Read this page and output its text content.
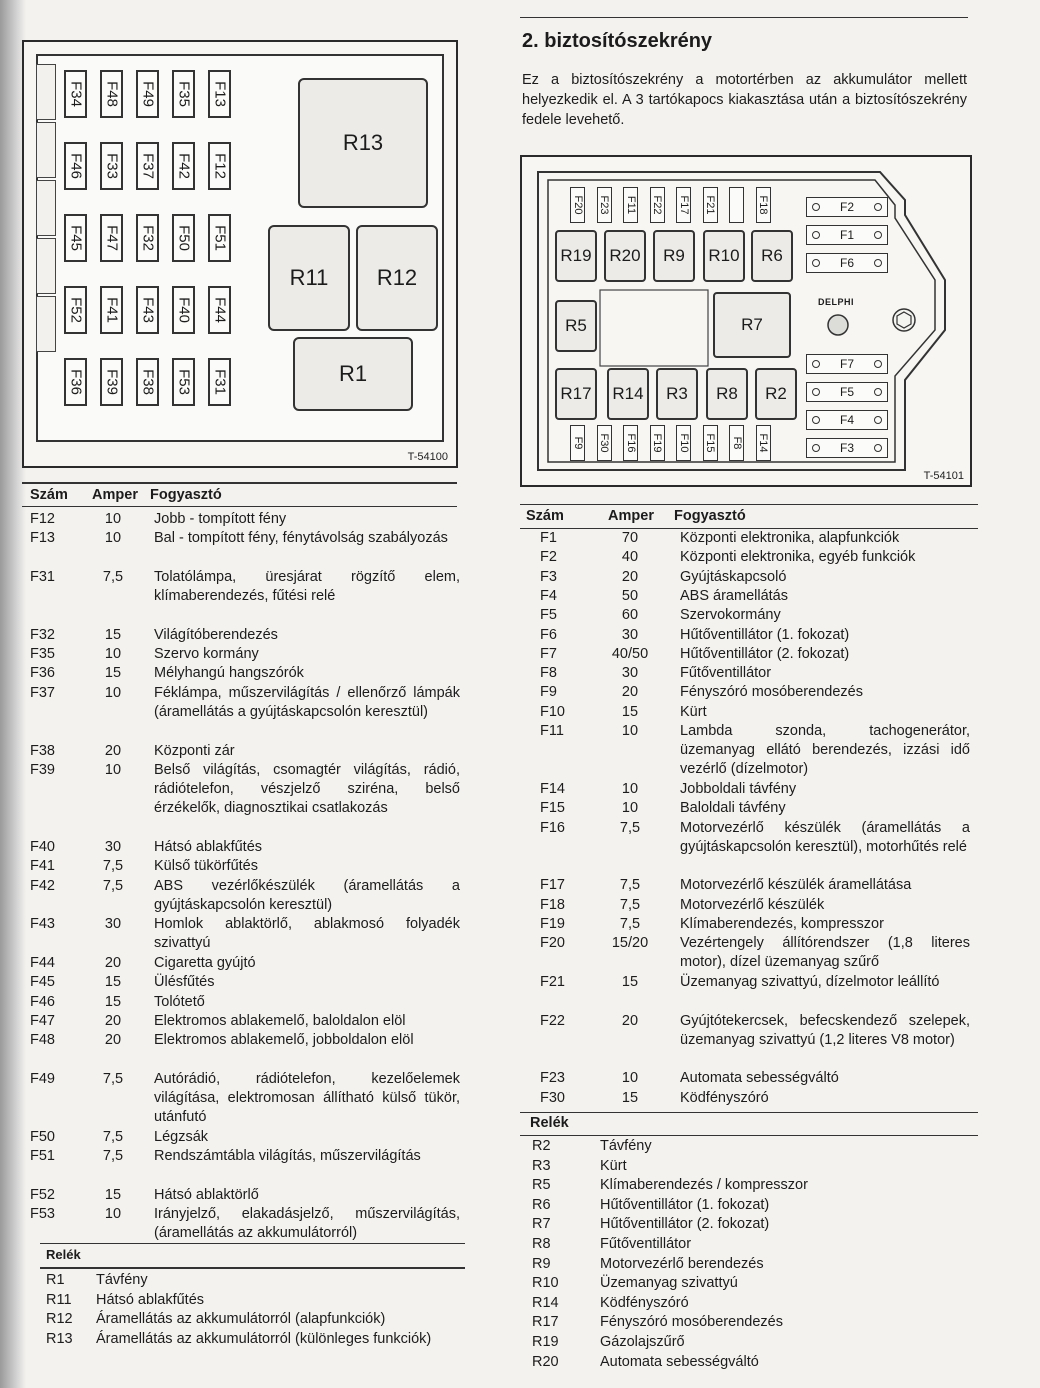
T-54100
F34
F46
F45
F52
F36
F48
F33
F47
F41
F39
F49
F37
F32
F43
F38
F35
F42
F50
F40
F53
F13
F12
F51
F44
F31
R13
R11 R12
R1
Szám	Amper Fogyasztó
F12	10	Jobb - tompított fény
F13	10	Bal - tompított fény, fénytávolság szabályozás
F31	7,5	Tolatólámpa, üresjárat rögzítő elem, klímaberendezés, fűtési relé
F32	15	Világítóberendezés
F35	10	Szervo kormány
F36	15	Mélyhangú hangszórók
F37	10	Féklámpa, műszervilágítás / ellenőrző lámpák (áramellátás a gyújtáskapcsolón keresztül)
F38	20	Központi zár
F39	10	Belső világítás, csomagtér világítás, rádió, rádiótelefon, vészjelző sziréna, belső érzékelők, diagnosztikai csatlakozás
F40	30	Hátsó ablakfűtés
F41	7,5	Külső tükörfűtés
F42	7,5	ABS vezérlőkészülék (áramellátás a gyújtáskapcsolón keresztül)
F43	30	Homlok ablaktörlő, ablakmosó folyadék szivattyú
F44	20	Cigaretta gyújtó
F45	15	Ülésfűtés
F46	15	Tolótető
F47	20	Elektromos ablakemelő, baloldalon elöl
F48	20	Elektromos ablakemelő, jobboldalon elöl
F49	7,5	Autórádió, rádiótelefon, kezelőelemek világítása, elektromosan állítható külső tükör, utánfutó
F50	7,5	Légzsák
F51	7,5	Rendszámtábla világítás, műszervilágítás
F52	15	Hátsó ablaktörlő
F53	10	Irányjelző, elakadásjelző, műszervilágítás, (áramellátás az akkumulátorról)
Relék
R1	Távfény
R11	Hátsó ablakfűtés
R12	Áramellátás az akkumulátorról (alapfunkciók)
R13	Áramellátás az akkumulátorról (különleges funkciók)
2. biztosítószekrény
Ez a biztosítószekrény a motortérben az akkumulátor mellett helyezkedik el. A 3 tartókapocs kiakasztása után a biztosítószekrény fedele levehető.
T-54101
DELPHI
F20 F23 F11 F22 F17 F21	F18
F9 F30 F16 F19 F10 F15 F8 F14
F2
F1
F6
F7
F5
F4
F3
R19 R20 R9 R10 R6
R5	R7
R17 R14 R3 R8 R2
Szám	Amper	Fogyasztó
F1	70	Központi elektronika, alapfunkciók
F2	40	Központi elektronika, egyéb funkciók
F3	20	Gyújtáskapcsoló
F4	50	ABS áramellátás
F5	60	Szervokormány
F6	30	Hűtőventillátor (1. fokozat)
F7	40/50	Hűtőventillátor (2. fokozat)
F8	30	Fűtőventillátor
F9	20	Fényszóró mosóberendezés
F10	15	Kürt
F11	10	Lambda szonda, tachogenerátor, üzemanyag ellátó berendezés, izzási idő vezérlő (dízelmotor)
F14	10	Jobboldali távfény
F15	10	Baloldali távfény
F16	7,5	Motorvezérlő készülék (áramellátás a gyújtáskapcsolón keresztül), motorhűtés relé
F17	7,5	Motorvezérlő készülék áramellátása
F18	7,5	Motorvezérlő készülék
F19	7,5	Klímaberendezés, kompresszor
F20	15/20	Vezértengely állítórendszer (1,8 literes motor), dízel üzemanyag szűrő
F21	15	Üzemanyag szivattyú, dízelmotor leállító
F22	20	Gyújtótekercsek, befecskendező szelepek, üzemanyag szivattyú (1,2 literes V8 motor)
F23	10	Automata sebességváltó
F30	15	Ködfényszóró
Relék
R2	Távfény
R3	Kürt
R5	Klímaberendezés / kompresszor
R6	Hűtőventillátor (1. fokozat)
R7	Hűtőventillátor (2. fokozat)
R8	Fűtőventillátor
R9	Motorvezérlő berendezés
R10	Üzemanyag szivattyú
R14	Ködfényszóró
R17	Fényszóró mosóberendezés
R19	Gázolajszűrő
R20	Automata sebességváltó
